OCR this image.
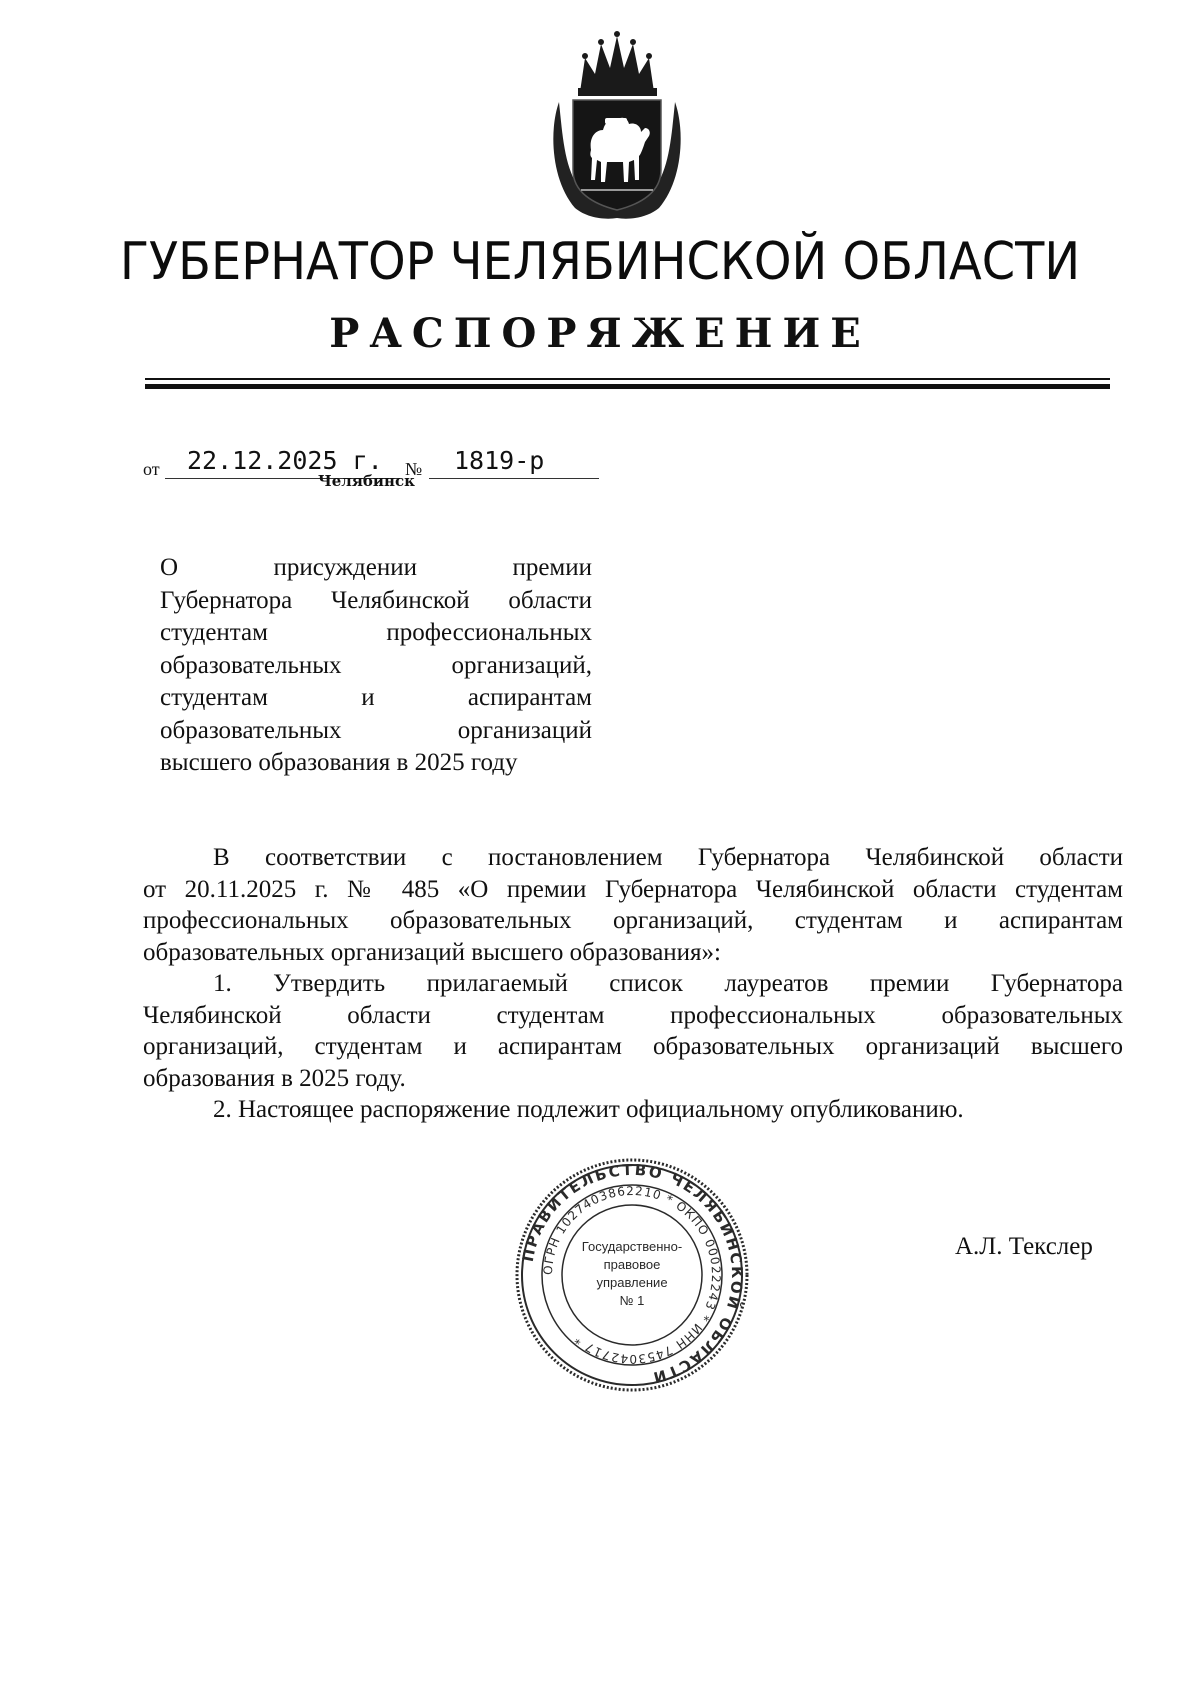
ГУБЕРНАТОР ЧЕЛЯБИНСКОЙ ОБЛАСТИ
РАСПОРЯЖЕНИЕ
от 22.12.2025 г. № 1819-р
Челябинск
О присуждении премии
Губернатора Челябинской области
студентам профессиональных
образовательных организаций,
студентам и аспирантам
образовательных организаций
высшего образования в 2025 году

В соответствии с постановлением Губернатора Челябинской области
от 20.11.2025 г. № 485 «О премии Губернатора Челябинской области студентам
профессиональных образовательных организаций, студентам и аспирантам
образовательных организаций высшего образования»:

1. Утвердить прилагаемый список лауреатов премии Губернатора
Челябинской области студентам профессиональных образовательных
организаций, студентам и аспирантам образовательных организаций высшего
образования в 2025 году.

2. Настоящее распоряжение подлежит официальному опубликованию.

ПРАВИТЕЛЬСТВО ЧЕЛЯБИНСКОЙ ОБЛАСТИ
ОГРН 1027403862210 * ОКПО 00022243 * ИНН 7453042717 *
Государственно-
правовое
управление
№ 1
А.Л. Текслер
